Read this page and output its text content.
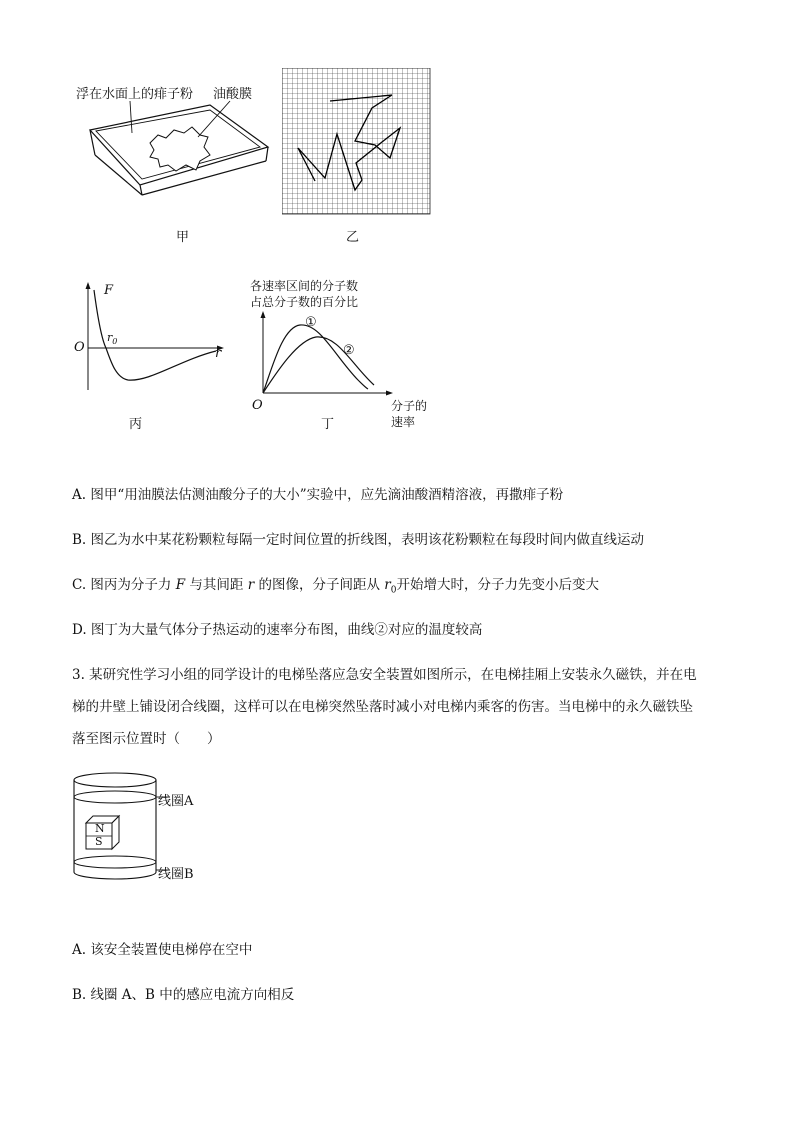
浮在水面上的痱子粉 油酸膜
甲	乙
F
O
$r_0$
r
丙
各速率区间的分子数
占总分子数的百分比
①
②
O	分子的
速率
丁
A. 图甲“用油膜法估测油酸分子的大小”实验中，应先滴油酸酒精溶液，再撒痱子粉
B. 图乙为水中某花粉颗粒每隔一定时间位置的折线图，表明该花粉颗粒在每段时间内做直线运动
C. 图丙为分子力 F 与其间距 r 的图像，分子间距从 $r_0$开始增大时，分子力先变小后变大
D. 图丁为大量气体分子热运动的速率分布图，曲线②对应的温度较高
3. 某研究性学习小组的同学设计的电梯坠落应急安全装置如图所示，在电梯挂厢上安装永久磁铁，并在电
梯的井壁上铺设闭合线圈，这样可以在电梯突然坠落时减小对电梯内乘客的伤害。当电梯中的永久磁铁坠
落至图示位置时（　　）
N
S
线圈A
线圈B
A. 该安全装置使电梯停在空中
B. 线圈 A、B 中的感应电流方向相反
